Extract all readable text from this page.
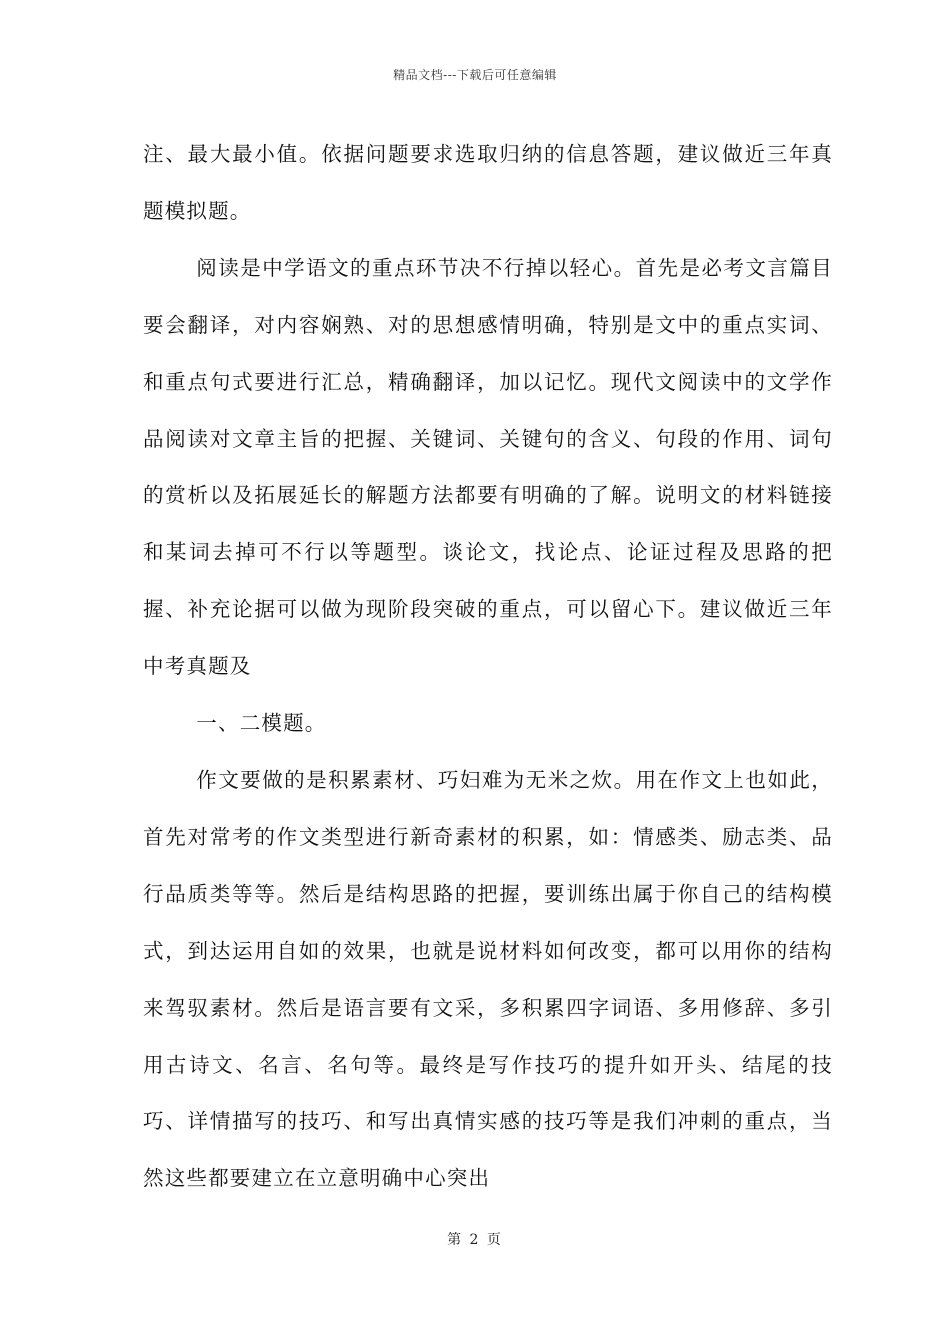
精品文档---下载后可任意编辑

注、最大最小值。依据问题要求选取归纳的信息答题，建议做近三年真题模拟题。

阅读是中学语文的重点环节决不行掉以轻心。首先是必考文言篇目要会翻译，对内容娴熟、对的思想感情明确，特别是文中的重点实词、和重点句式要进行汇总，精确翻译，加以记忆。现代文阅读中的文学作品阅读对文章主旨的把握、关键词、关键句的含义、句段的作用、词句的赏析以及拓展延长的解题方法都要有明确的了解。说明文的材料链接和某词去掉可不行以等题型。谈论文，找论点、论证过程及思路的把握、补充论据可以做为现阶段突破的重点，可以留心下。建议做近三年中考真题及

一、二模题。

作文要做的是积累素材、巧妇难为无米之炊。用在作文上也如此，首先对常考的作文类型进行新奇素材的积累，如：情感类、励志类、品行品质类等等。然后是结构思路的把握，要训练出属于你自己的结构模式，到达运用自如的效果，也就是说材料如何改变，都可以用你的结构来驾驭素材。然后是语言要有文采，多积累四字词语、多用修辞、多引用古诗文、名言、名句等。最终是写作技巧的提升如开头、结尾的技巧、详情描写的技巧、和写出真情实感的技巧等是我们冲刺的重点，当然这些都要建立在立意明确中心突出

第 2 页
